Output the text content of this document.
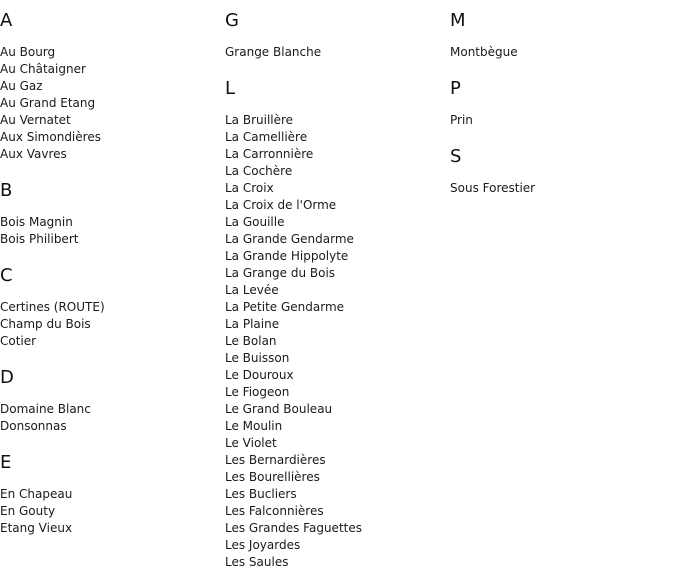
A
Au Bourg
Au Châtaigner
Au Gaz
Au Grand Etang
Au Vernatet
Aux Simondières
Aux Vavres
B
Bois Magnin
Bois Philibert
C
Certines (ROUTE)
Champ du Bois
Cotier
D
Domaine Blanc
Donsonnas
E
En Chapeau
En Gouty
Etang Vieux
G
Grange Blanche
L
La Bruillère
La Camellière
La Carronnière
La Cochère
La Croix
La Croix de l'Orme
La Gouille
La Grande Gendarme
La Grande Hippolyte
La Grange du Bois
La Levée
La Petite Gendarme
La Plaine
Le Bolan
Le Buisson
Le Douroux
Le Fiogeon
Le Grand Bouleau
Le Moulin
Le Violet
Les Bernardières
Les Bourellières
Les Bucliers
Les Falconnières
Les Grandes Faguettes
Les Joyardes
Les Saules
M
Montbègue
P
Prin
S
Sous Forestier
